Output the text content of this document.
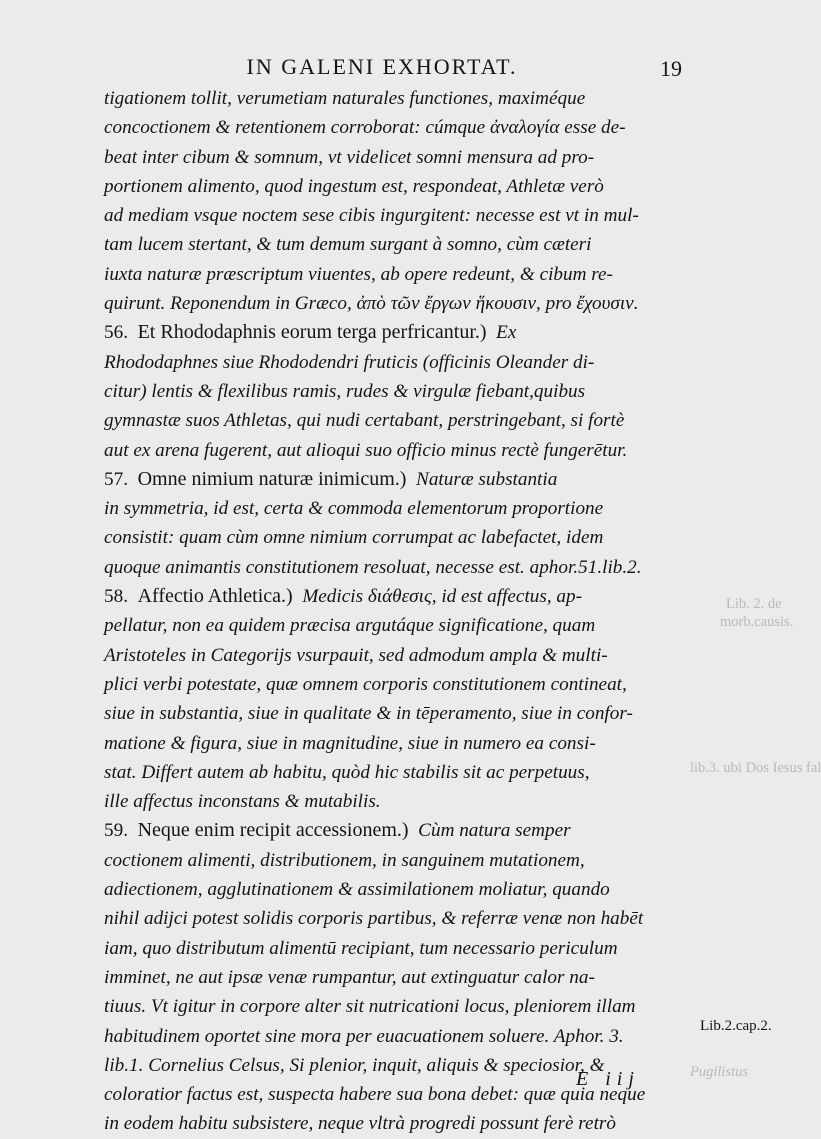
IN GALENI EXHORTAT.	19
tigationem tollit, verumetiam naturales functiones, maximéque
concoctionem & retentionem corroborat: cúmque ἀναλογία esse de-
beat inter cibum & somnum, vt videlicet somni mensura ad pro-
portionem alimento, quod ingestum est, respondeat, Athletæ verò
ad mediam vsque noctem sese cibis ingurgitent: necesse est vt in mul-
tam lucem stertant, & tum demum surgant à somno, cùm cæteri
iuxta naturæ præscriptum viuentes, ab opere redeunt, & cibum re-
quirunt. Reponendum in Græco, ἀπὸ τῶν ἔργων ἥκουσιν, pro ἔχουσιν.
56. Et Rhododaphnis eorum terga perfricantur.) Ex
Rhododaphnes siue Rhododendri fruticis (officinis Oleander di-
citur) lentis & flexilibus ramis, rudes & virgulæ fiebant,quibus
gymnastæ suos Athletas, qui nudi certabant, perstringebant, si fortè
aut ex arena fugerent, aut alioqui suo officio minus rectè fungerētur.
57. Omne nimium naturæ inimicum.) Naturæ substantia
in symmetria, id est, certa & commoda elementorum proportione
consistit: quam cùm omne nimium corrumpat ac labefactet, idem
quoque animantis constitutionem resoluat, necesse est. aphor.51.lib.2.
58. Affectio Athletica.) Medicis διάθεσις, id est affectus, ap-
pellatur, non ea quidem præcisa argutáque significatione, quam
Aristoteles in Categorijs vsurpauit, sed admodum ampla & multi-
plici verbi potestate, quæ omnem corporis constitutionem contineat,
siue in substantia, siue in qualitate & in tēperamento, siue in confor-
matione & figura, siue in magnitudine, siue in numero ea consi-
stat. Differt autem ab habitu, quòd hic stabilis sit ac perpetuus,
ille affectus inconstans & mutabilis.
59. Neque enim recipit accessionem.) Cùm natura semper
coctionem alimenti, distributionem, in sanguinem mutationem,
adiectionem, agglutinationem & assimilationem moliatur, quando
nihil adijci potest solidis corporis partibus, & referræ venæ non habēt
iam, quo distributum alimentū recipiant, tum necessario periculum
imminet, ne aut ipsæ venæ rumpantur, aut extinguatur calor na-
tiuus. Vt igitur in corpore alter sit nutricationi locus, pleniorem illam
habitudinem oportet sine mora per euacuationem soluere. Aphor. 3.
lib.1. Cornelius Celsus, Si plenior, inquit, aliquis & speciosior, &
coloratior factus est, suspecta habere sua bona debet: quæ quia neque
in eodem habitu subsistere, neque vltrà progredi possunt ferè retrò
Lib. 2. de
morb.causis.
lib.3. ubi Dos Iesus fal
Lib.2.cap.2.
Pugilistus
E iij
